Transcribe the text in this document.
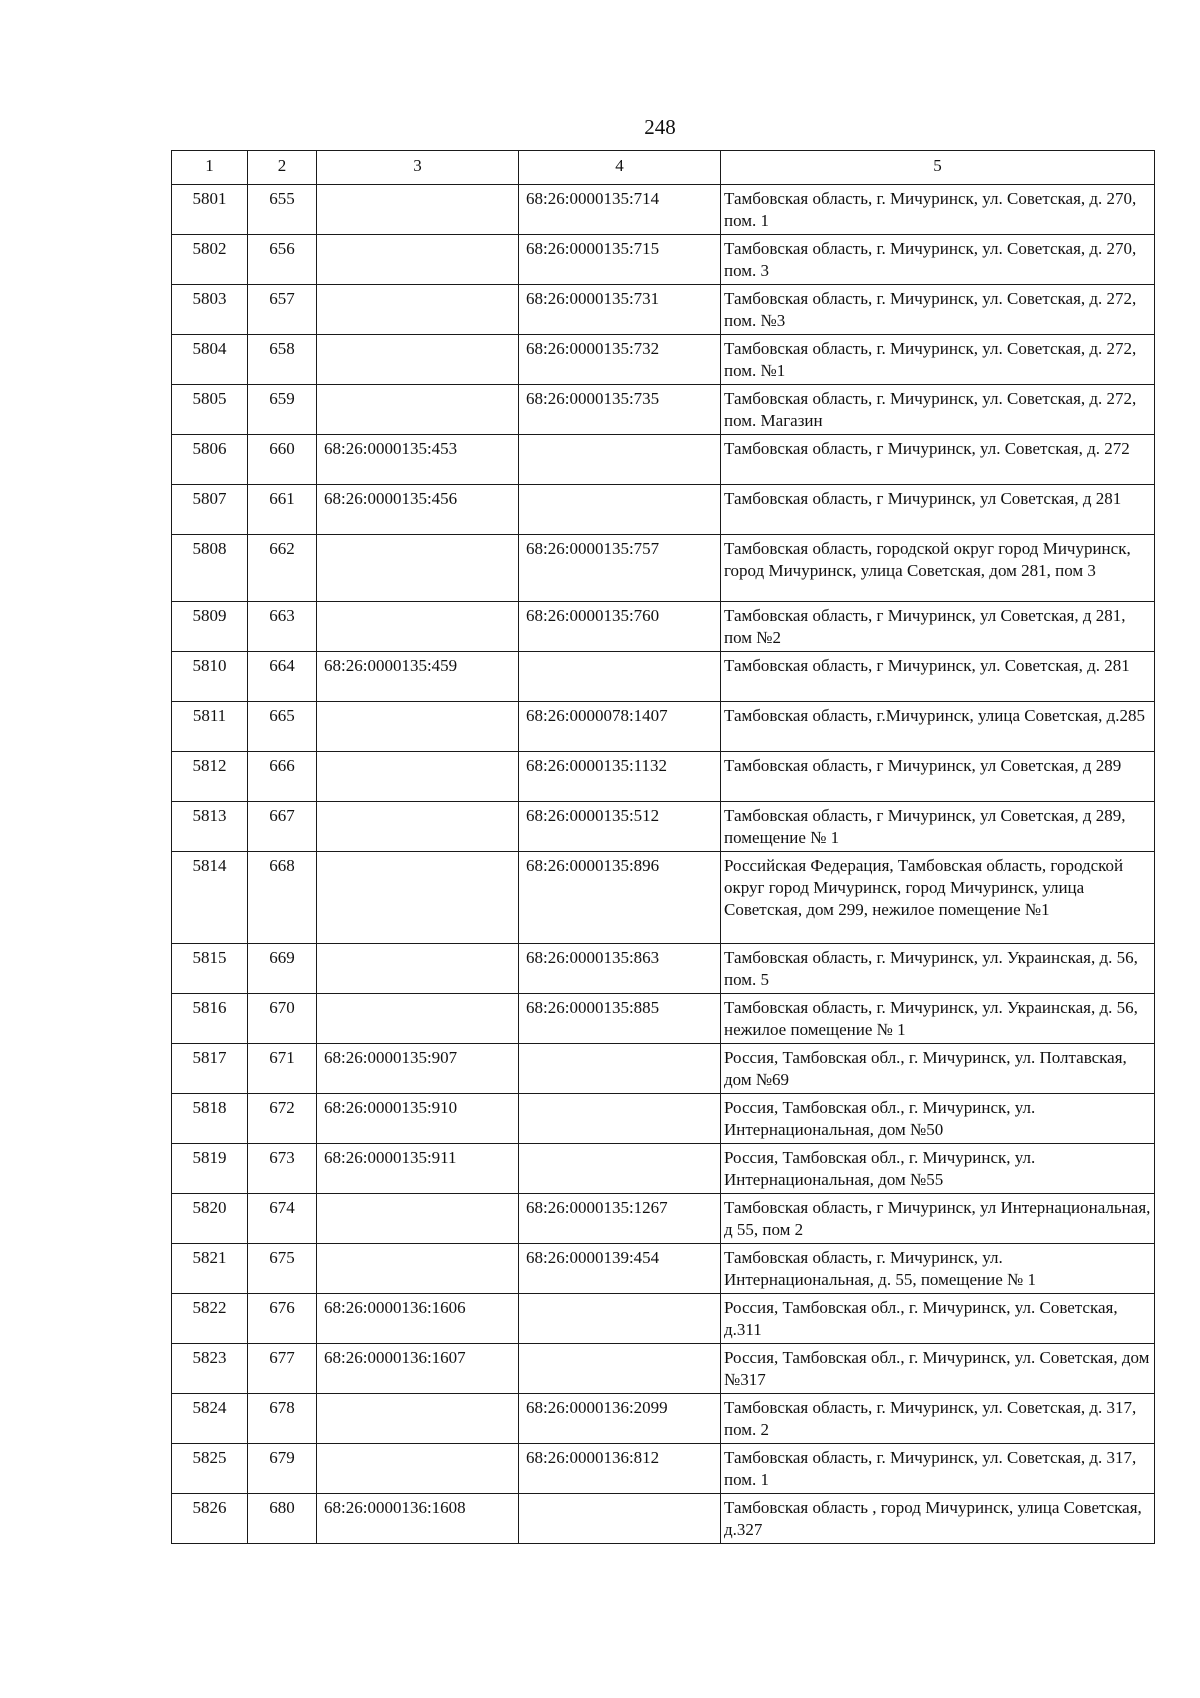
248
1	2	3	4	5
5801	655		68:26:0000135:714	Тамбовская область, г. Мичуринск, ул. Советская, д. 270, пом. 1
5802	656		68:26:0000135:715	Тамбовская область, г. Мичуринск, ул. Советская, д. 270, пом. 3
5803	657		68:26:0000135:731	Тамбовская область, г. Мичуринск, ул. Советская, д. 272, пом. №3
5804	658		68:26:0000135:732	Тамбовская область, г. Мичуринск, ул. Советская, д. 272, пом. №1
5805	659		68:26:0000135:735	Тамбовская область, г. Мичуринск, ул. Советская, д. 272, пом. Магазин
5806	660	68:26:0000135:453		Тамбовская область, г Мичуринск, ул. Советская, д. 272
5807	661	68:26:0000135:456		Тамбовская область, г Мичуринск, ул Советская, д 281
5808	662		68:26:0000135:757	Тамбовская область, городской округ город Мичуринск, город Мичуринск, улица Советская, дом 281, пом 3
5809	663		68:26:0000135:760	Тамбовская область, г Мичуринск, ул Советская, д 281, пом №2
5810	664	68:26:0000135:459		Тамбовская область, г Мичуринск, ул. Советская, д. 281
5811	665		68:26:0000078:1407	Тамбовская область, г.Мичуринск, улица Советская, д.285
5812	666		68:26:0000135:1132	Тамбовская область, г Мичуринск, ул Советская, д 289
5813	667		68:26:0000135:512	Тамбовская область, г Мичуринск, ул Советская, д 289, помещение № 1
5814	668		68:26:0000135:896	Российская Федерация, Тамбовская область, городской округ город Мичуринск, город Мичуринск, улица Советская, дом 299, нежилое помещение №1
5815	669		68:26:0000135:863	Тамбовская область, г. Мичуринск, ул. Украинская, д. 56, пом. 5
5816	670		68:26:0000135:885	Тамбовская область, г. Мичуринск, ул. Украинская, д. 56, нежилое помещение № 1
5817	671	68:26:0000135:907		Россия, Тамбовская обл., г. Мичуринск, ул. Полтавская, дом №69
5818	672	68:26:0000135:910		Россия, Тамбовская обл., г. Мичуринск, ул. Интернациональная, дом №50
5819	673	68:26:0000135:911		Россия, Тамбовская обл., г. Мичуринск, ул. Интернациональная, дом №55
5820	674		68:26:0000135:1267	Тамбовская область, г Мичуринск, ул Интернациональная, д 55, пом 2
5821	675		68:26:0000139:454	Тамбовская область, г. Мичуринск, ул. Интернациональная, д. 55, помещение № 1
5822	676	68:26:0000136:1606		Россия, Тамбовская обл., г. Мичуринск, ул. Советская, д.311
5823	677	68:26:0000136:1607		Россия, Тамбовская обл., г. Мичуринск, ул. Советская, дом №317
5824	678		68:26:0000136:2099	Тамбовская область, г. Мичуринск, ул. Советская, д. 317, пом. 2
5825	679		68:26:0000136:812	Тамбовская область, г. Мичуринск, ул. Советская, д. 317, пом. 1
5826	680	68:26:0000136:1608		Тамбовская область , город Мичуринск, улица Советская, д.327
